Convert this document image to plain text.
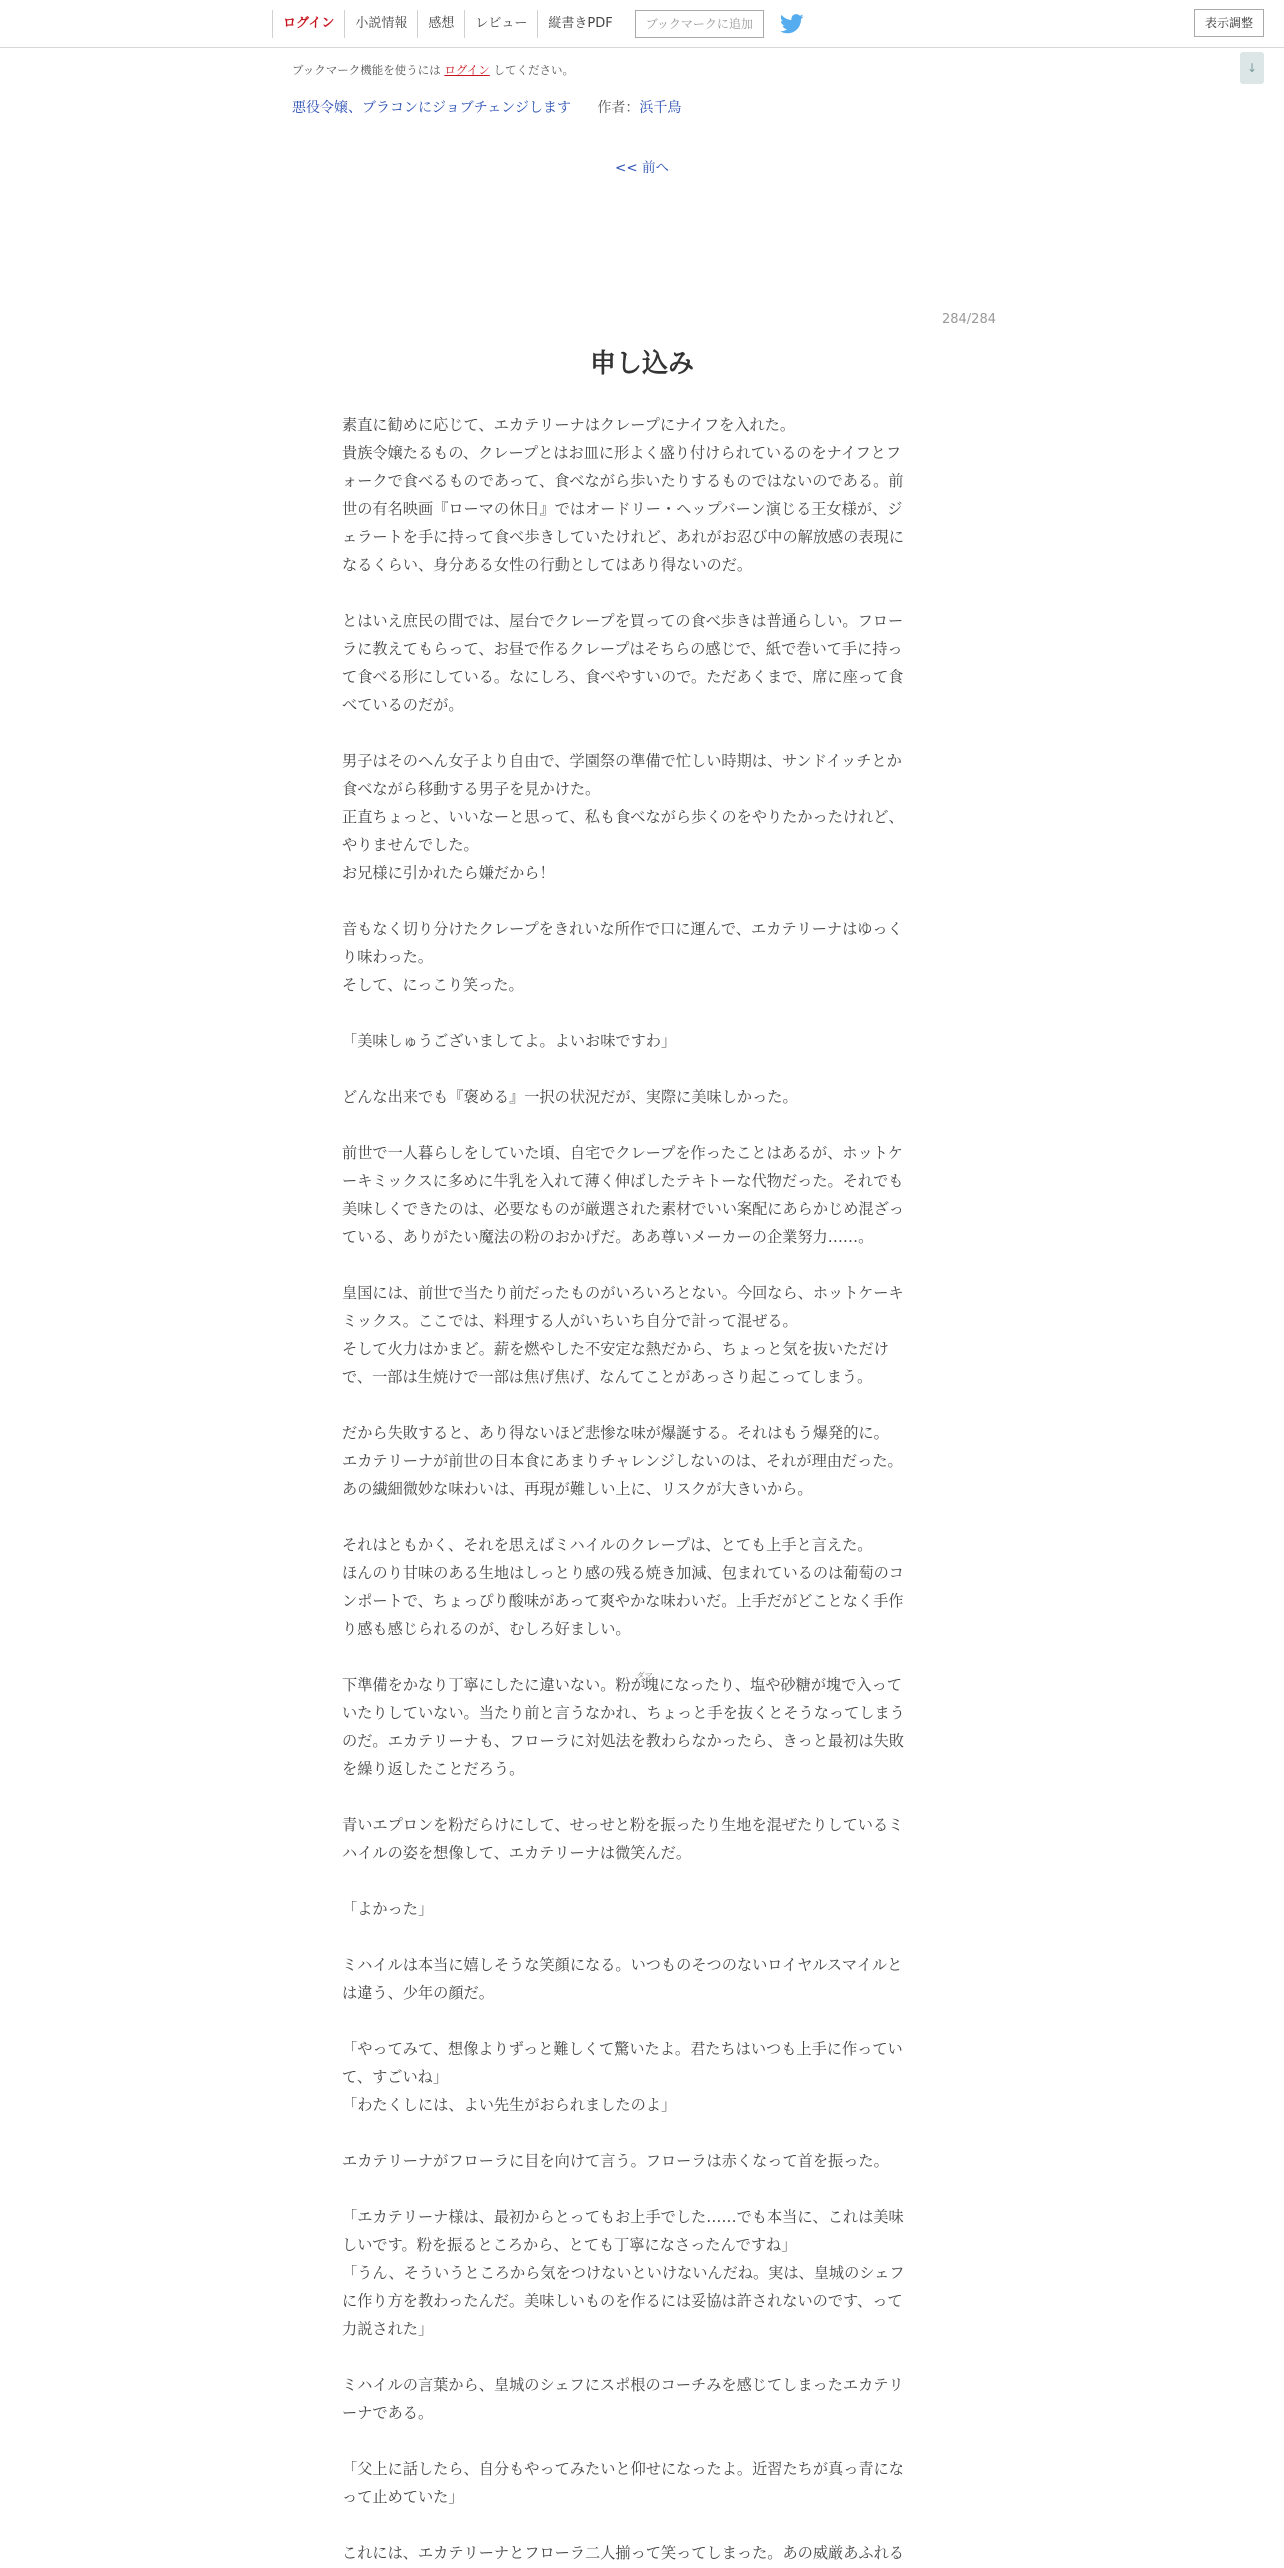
ログイン	小説情報	感想	レビュー	縦書きPDF	ブックマークに追加	表示調整
↓
ブックマーク機能を使うには ログイン してください。
悪役令嬢、ブラコンにジョブチェンジします 作者：浜千鳥
<< 前へ
284/284
申し込み
素直に勧めに応じて、エカテリーナはクレープにナイフを入れた。
貴族令嬢たるもの、クレープとはお皿に形よく盛り付けられているのをナイフとフ
ォークで食べるものであって、食べながら歩いたりするものではないのである。前
世の有名映画『ローマの休日』ではオードリー・ヘップバーン演じる王女様が、ジ
ェラートを手に持って食べ歩きしていたけれど、あれがお忍び中の解放感の表現に
なるくらい、身分ある女性の行動としてはあり得ないのだ。
とはいえ庶民の間では、屋台でクレープを買っての食べ歩きは普通らしい。フロー
ラに教えてもらって、お昼で作るクレープはそちらの感じで、紙で巻いて手に持っ
て食べる形にしている。なにしろ、食べやすいので。ただあくまで、席に座って食
べているのだが。
男子はそのへん女子より自由で、学園祭の準備で忙しい時期は、サンドイッチとか
食べながら移動する男子を見かけた。
正直ちょっと、いいなーと思って、私も食べながら歩くのをやりたかったけれど、
やりませんでした。
お兄様に引かれたら嫌だから！
音もなく切り分けたクレープをきれいな所作で口に運んで、エカテリーナはゆっく
り味わった。
そして、にっこり笑った。
「美味しゅうございましてよ。よいお味ですわ」
どんな出来でも『褒める』一択の状況だが、実際に美味しかった。
前世で一人暮らしをしていた頃、自宅でクレープを作ったことはあるが、ホットケ
ーキミックスに多めに牛乳を入れて薄く伸ばしたテキトーな代物だった。それでも
美味しくできたのは、必要なものが厳選された素材でいい案配にあらかじめ混ざっ
ている、ありがたい魔法の粉のおかげだ。ああ尊いメーカーの企業努力……。
皇国には、前世で当たり前だったものがいろいろとない。今回なら、ホットケーキ
ミックス。ここでは、料理する人がいちいち自分で計って混ぜる。
そして火力はかまど。薪を燃やした不安定な熱だから、ちょっと気を抜いただけ
で、一部は生焼けで一部は焦げ焦げ、なんてことがあっさり起こってしまう。
だから失敗すると、あり得ないほど悲惨な味が爆誕する。それはもう爆発的に。
エカテリーナが前世の日本食にあまりチャレンジしないのは、それが理由だった。
あの繊細微妙な味わいは、再現が難しい上に、リスクが大きいから。
それはともかく、それを思えばミハイルのクレープは、とても上手と言えた。
ほんのり甘味のある生地はしっとり感の残る焼き加減、包まれているのは葡萄のコ
ンポートで、ちょっぴり酸味があって爽やかな味わいだ。上手だがどことなく手作
り感も感じられるのが、むしろ好ましい。
下準備をかなり丁寧にしたに違いない。粉が$^{ダマ}$塊になったり、塩や砂糖が塊で入って
いたりしていない。当たり前と言うなかれ、ちょっと手を抜くとそうなってしまう
のだ。エカテリーナも、フローラに対処法を教わらなかったら、きっと最初は失敗
を繰り返したことだろう。
青いエプロンを粉だらけにして、せっせと粉を振ったり生地を混ぜたりしているミ
ハイルの姿を想像して、エカテリーナは微笑んだ。
「よかった」
ミハイルは本当に嬉しそうな笑顔になる。いつものそつのないロイヤルスマイルと
は違う、少年の顔だ。
「やってみて、想像よりずっと難しくて驚いたよ。君たちはいつも上手に作ってい
て、すごいね」
「わたくしには、よい先生がおられましたのよ」
エカテリーナがフローラに目を向けて言う。フローラは赤くなって首を振った。
「エカテリーナ様は、最初からとってもお上手でした……でも本当に、これは美味
しいです。粉を振るところから、とても丁寧になさったんですね」
「うん、そういうところから気をつけないといけないんだね。実は、皇城のシェフ
に作り方を教わったんだ。美味しいものを作るには妥協は許されないのです、って
力説された」
ミハイルの言葉から、皇城のシェフにスポ根のコーチみを感じてしまったエカテリ
ーナである。
「父上に話したら、自分もやってみたいと仰せになったよ。近習たちが真っ青にな
って止めていた」
これには、エカテリーナとフローラ二人揃って笑ってしまった。あの威厳あふれる
